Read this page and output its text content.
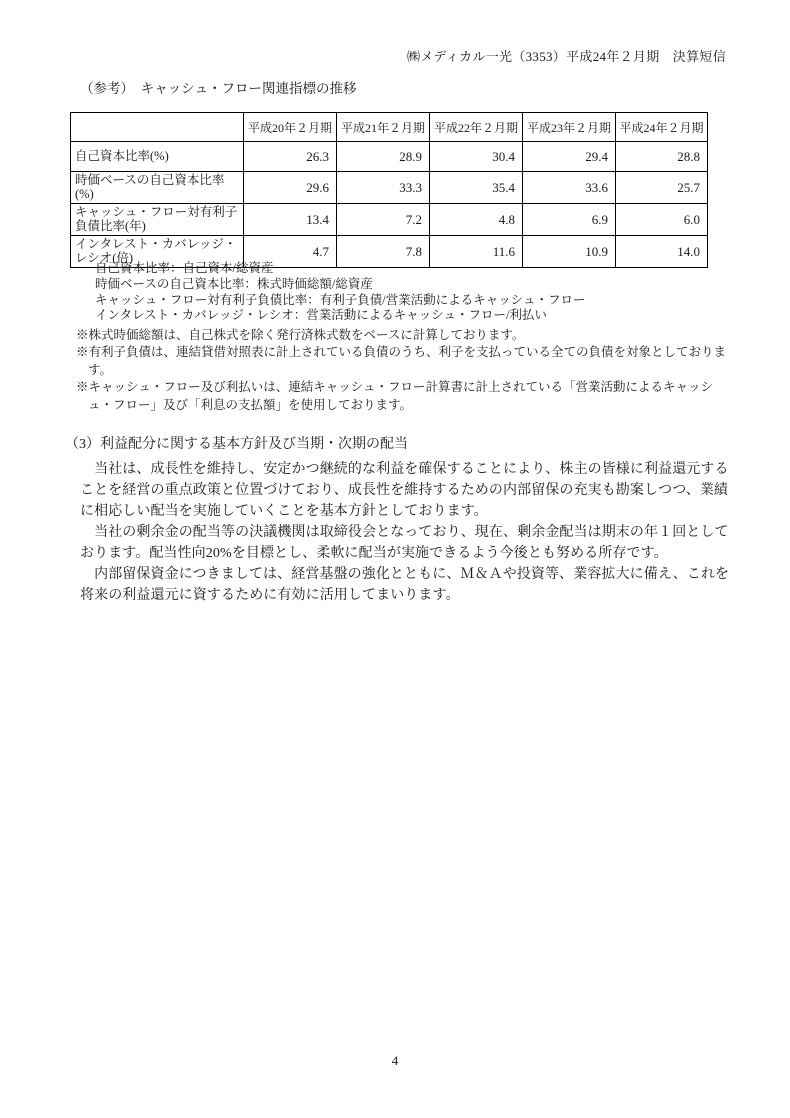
㈱メディカル一光（3353）平成24年２月期　決算短信
（参考）　キャッシュ・フロー関連指標の推移
	平成20年２月期	平成21年２月期	平成22年２月期	平成23年２月期	平成24年２月期
自己資本比率(%)	26.3	28.9	30.4	29.4	28.8
時価ベースの自己資本比率(%)	29.6	33.3	35.4	33.6	25.7
キャッシュ・フロー対有利子負債比率(年)	13.4	7.2	4.8	6.9	6.0
インタレスト・カバレッジ・レシオ(倍)	4.7	7.8	11.6	10.9	14.0
自己資本比率：自己資本/総資産
時価ベースの自己資本比率：株式時価総額/総資産
キャッシュ・フロー対有利子負債比率：有利子負債/営業活動によるキャッシュ・フロー
インタレスト・カバレッジ・レシオ：営業活動によるキャッシュ・フロー/利払い
※株式時価総額は、自己株式を除く発行済株式数をベースに計算しております。
※有利子負債は、連結貸借対照表に計上されている負債のうち、利子を支払っている全ての負債を対象としておりま
す。
※キャッシュ・フロー及び利払いは、連結キャッシュ・フロー計算書に計上されている「営業活動によるキャッシ
ュ・フロー」及び「利息の支払額」を使用しております。
（3）利益配分に関する基本方針及び当期・次期の配当
　当社は、成長性を維持し、安定かつ継続的な利益を確保することにより、株主の皆様に利益還元する
ことを経営の重点政策と位置づけており、成長性を維持するための内部留保の充実も勘案しつつ、業績
に相応しい配当を実施していくことを基本方針としております。
　当社の剰余金の配当等の決議機関は取締役会となっており、現在、剰余金配当は期末の年１回として
おります。配当性向20%を目標とし、柔軟に配当が実施できるよう今後とも努める所存です。
　内部留保資金につきましては、経営基盤の強化とともに、Ｍ＆Ａや投資等、業容拡大に備え、これを
将来の利益還元に資するために有効に活用してまいります。
4
